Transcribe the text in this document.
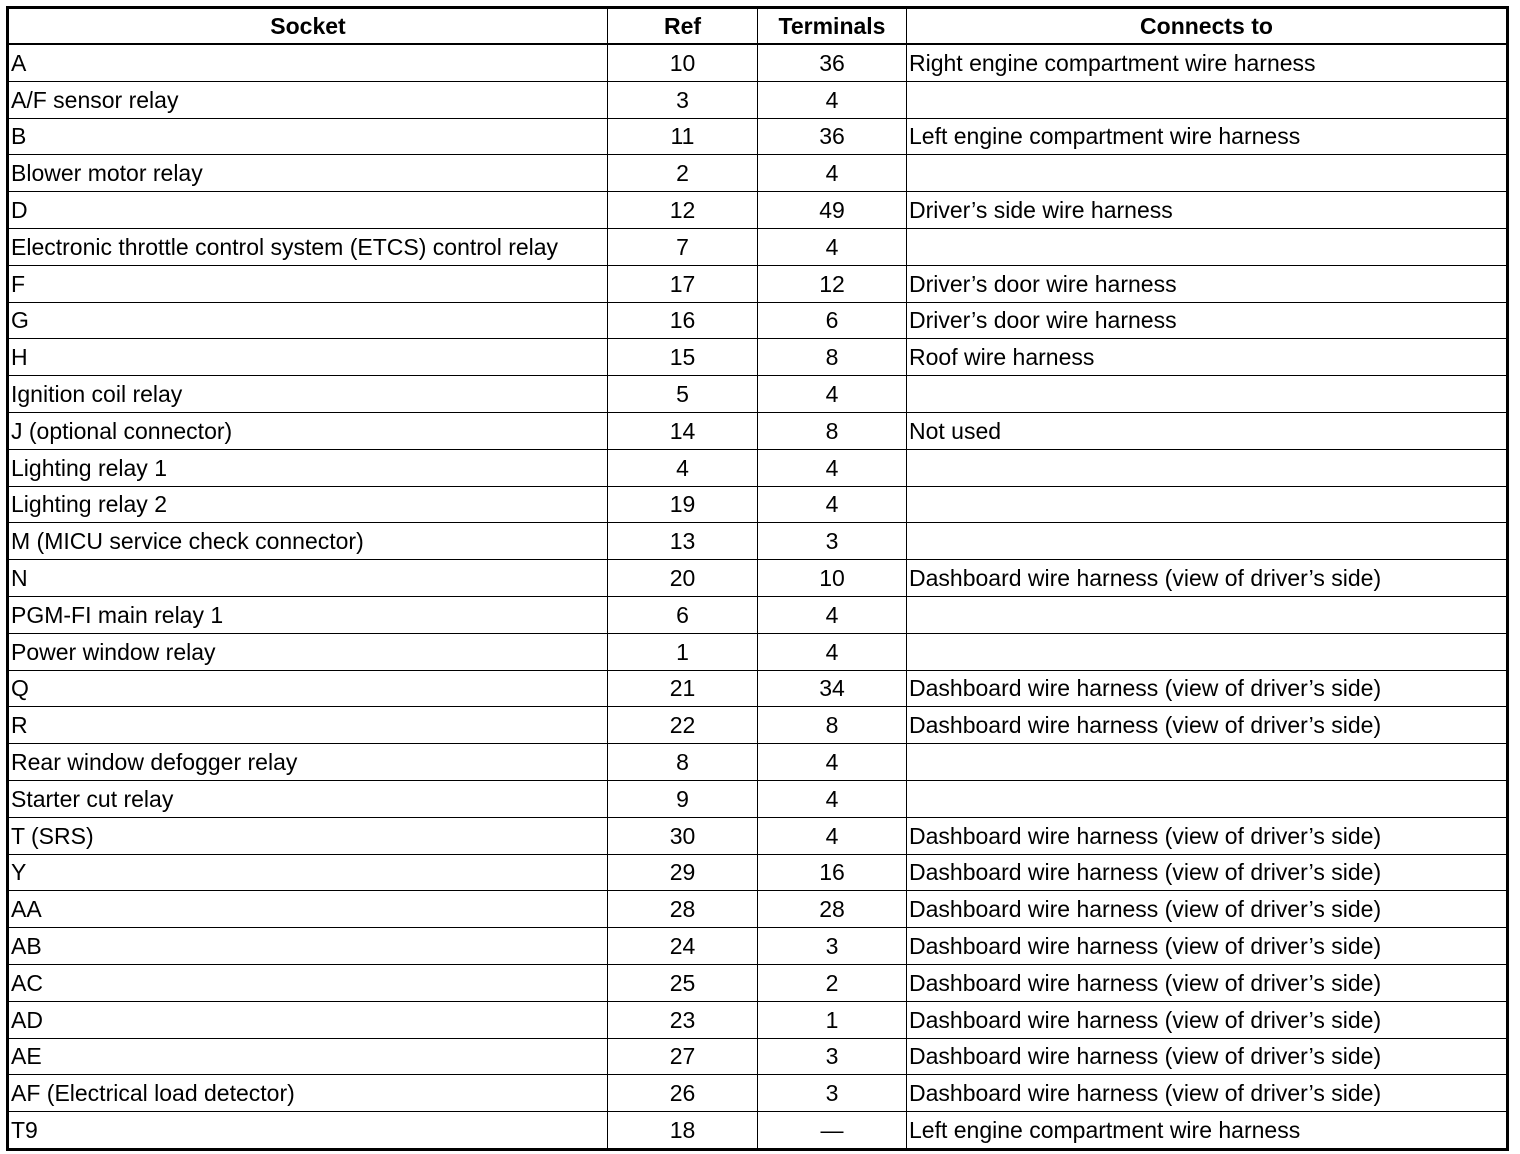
Socket	Ref	Terminals	Connects to
A	10	36	Right engine compartment wire harness
A/F sensor relay	3	4	
B	11	36	Left engine compartment wire harness
Blower motor relay	2	4	
D	12	49	Driver’s side wire harness
Electronic throttle control system (ETCS) control relay	7	4	
F	17	12	Driver’s door wire harness
G	16	6	Driver’s door wire harness
H	15	8	Roof wire harness
Ignition coil relay	5	4	
J (optional connector)	14	8	Not used
Lighting relay 1	4	4	
Lighting relay 2	19	4	
M (MICU service check connector)	13	3	
N	20	10	Dashboard wire harness (view of driver’s side)
PGM-FI main relay 1	6	4	
Power window relay	1	4	
Q	21	34	Dashboard wire harness (view of driver’s side)
R	22	8	Dashboard wire harness (view of driver’s side)
Rear window defogger relay	8	4	
Starter cut relay	9	4	
T (SRS)	30	4	Dashboard wire harness (view of driver’s side)
Y	29	16	Dashboard wire harness (view of driver’s side)
AA	28	28	Dashboard wire harness (view of driver’s side)
AB	24	3	Dashboard wire harness (view of driver’s side)
AC	25	2	Dashboard wire harness (view of driver’s side)
AD	23	1	Dashboard wire harness (view of driver’s side)
AE	27	3	Dashboard wire harness (view of driver’s side)
AF (Electrical load detector)	26	3	Dashboard wire harness (view of driver’s side)
T9	18	—	Left engine compartment wire harness
